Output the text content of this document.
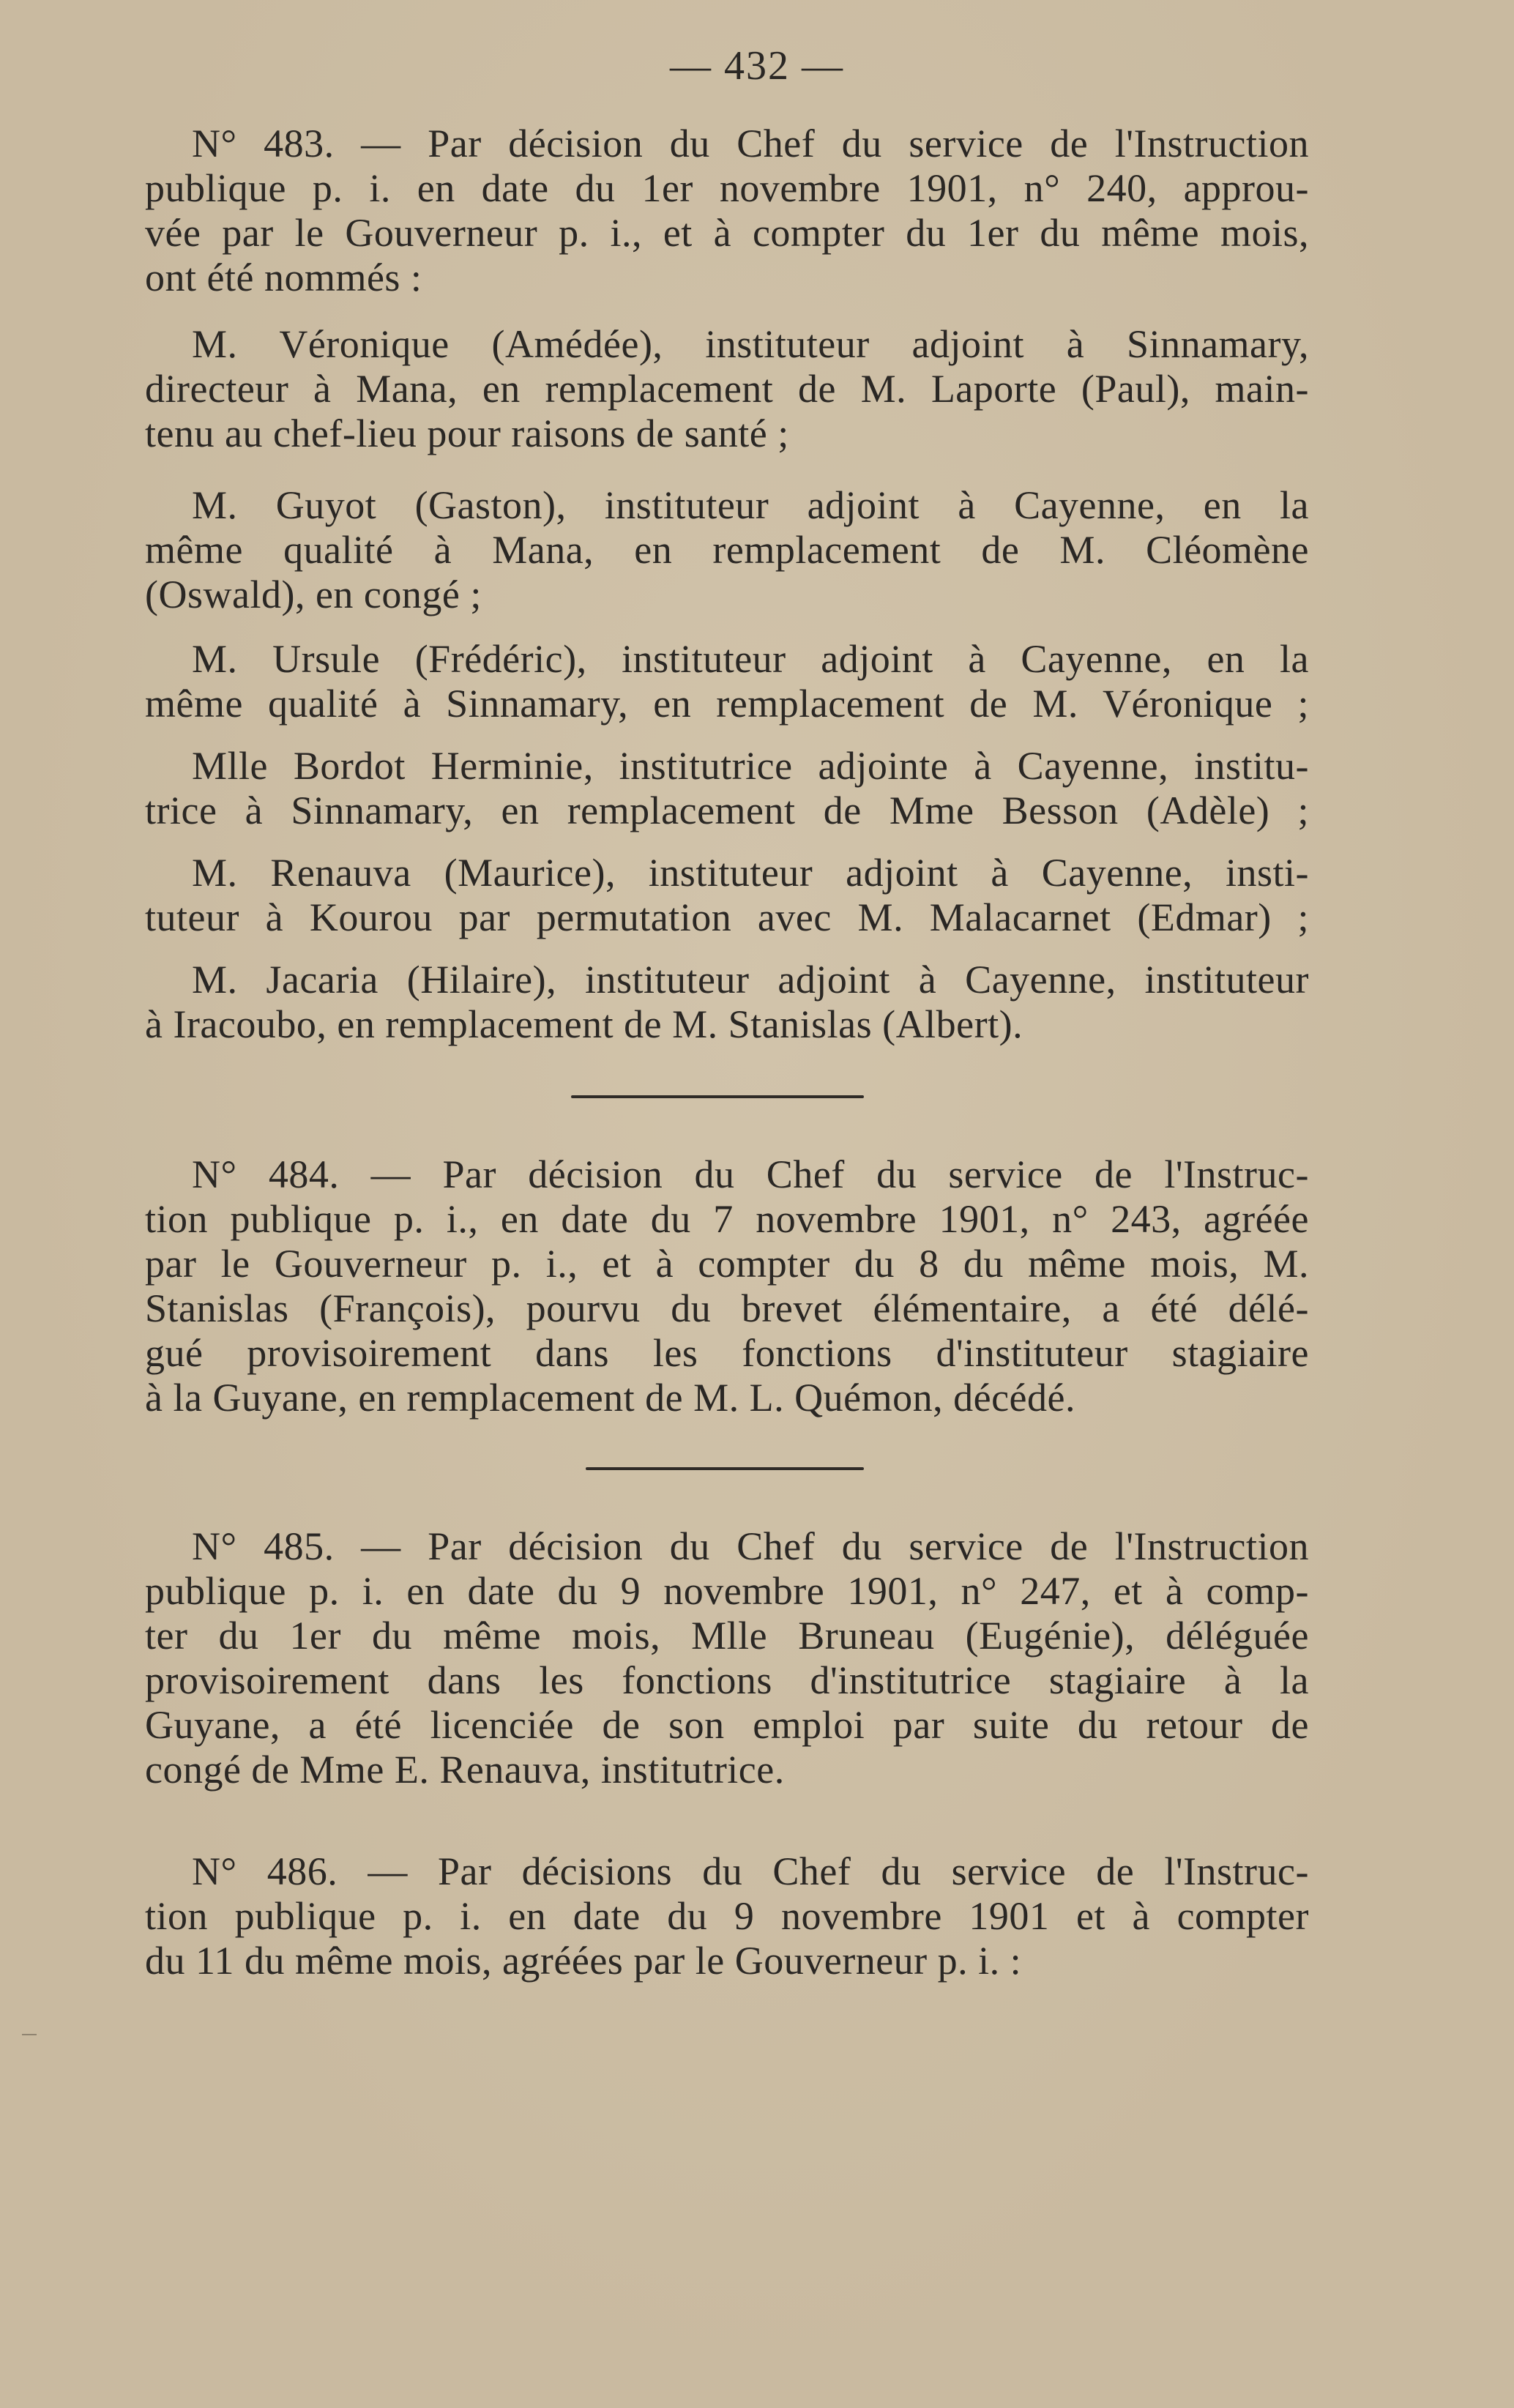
— 432 —
N° 483. — Par décision du Chef du service de l'Instruction
publique p. i. en date du 1er novembre 1901, n° 240, approu-
vée par le Gouverneur p. i., et à compter du 1er du même mois,
ont été nommés :
M. Véronique (Amédée), instituteur adjoint à Sinnamary,
directeur à Mana, en remplacement de M. Laporte (Paul), main-
tenu au chef-lieu pour raisons de santé ;
M. Guyot (Gaston), instituteur adjoint à Cayenne, en la
même qualité à Mana, en remplacement de M. Cléomène
(Oswald), en congé ;
M. Ursule (Frédéric), instituteur adjoint à Cayenne, en la
même qualité à Sinnamary, en remplacement de M. Véronique ;
Mlle Bordot Herminie, institutrice adjointe à Cayenne, institu-
trice à Sinnamary, en remplacement de Mme Besson (Adèle) ;
M. Renauva (Maurice), instituteur adjoint à Cayenne, insti-
tuteur à Kourou par permutation avec M. Malacarnet (Edmar) ;
M. Jacaria (Hilaire), instituteur adjoint à Cayenne, instituteur
à Iracoubo, en remplacement de M. Stanislas (Albert).
N° 484. — Par décision du Chef du service de l'Instruc-
tion publique p. i., en date du 7 novembre 1901, n° 243, agréée
par le Gouverneur p. i., et à compter du 8 du même mois, M.
Stanislas (François), pourvu du brevet élémentaire, a été délé-
gué provisoirement dans les fonctions d'instituteur stagiaire
à la Guyane, en remplacement de M. L. Quémon, décédé.
N° 485. — Par décision du Chef du service de l'Instruction
publique p. i. en date du 9 novembre 1901, n° 247, et à comp-
ter du 1er du même mois, Mlle Bruneau (Eugénie), déléguée
provisoirement dans les fonctions d'institutrice stagiaire à la
Guyane, a été licenciée de son emploi par suite du retour de
congé de Mme E. Renauva, institutrice.
N° 486. — Par décisions du Chef du service de l'Instruc-
tion publique p. i. en date du 9 novembre 1901 et à compter
du 11 du même mois, agréées par le Gouverneur p. i. :
